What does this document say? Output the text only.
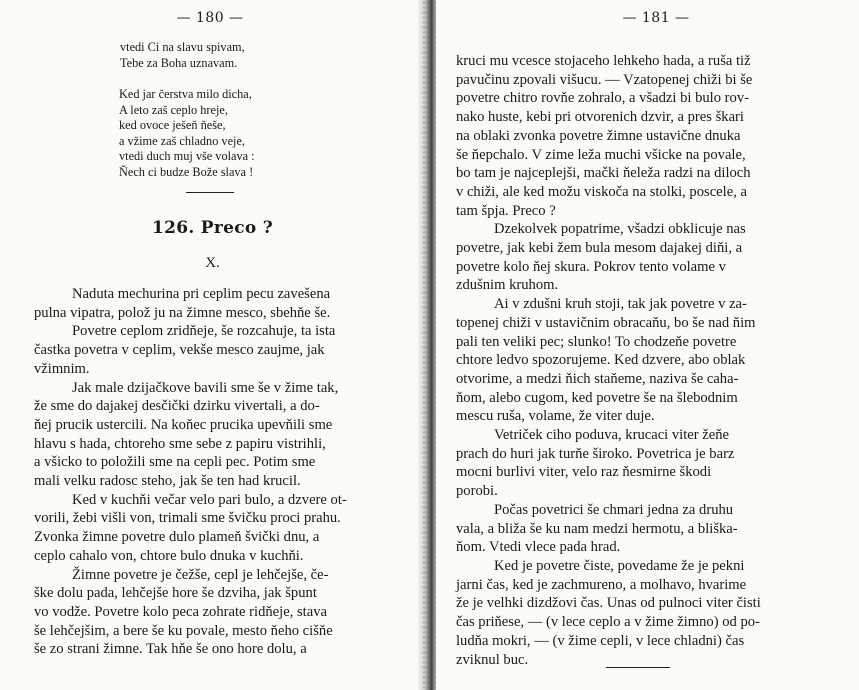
— 180 —
vtedi Ci na slavu spivam,
Tebe za Boha uznavam.
Ked jar čerstva milo dicha,
A leto zaš ceplo hreje,
ked ovoce ješeň ňeše,
a vžime zaš chladno veje,
vtedi duch muj vše volava :
Ňech ci budze Bože slava !
126. Preco ?
X.
Naduta mechurina pri ceplim pecu zavešena
pulna vipatra, polož ju na žimne mesco, sbehňe še.
Povetre ceplom zridňeje, še rozcahuje, ta ista
častka povetra v ceplim, vekše mesco zaujme, jak
vžimnim.
Jak male dzijačkove bavili sme še v žime tak,
že sme do dajakej desčički dzirku vivertali, a do-
ňej prucik ustercili. Na koňec prucika upevňili sme
hlavu s hada, chtoreho sme sebe z papiru vistrihli,
a všicko to položili sme na cepli pec. Potim sme
mali velku radosc steho, jak še ten had krucil.
Ked v kuchňi večar velo pari bulo, a dzvere ot-
vorili, žebi višli von, trimali sme švičku proci prahu.
Zvonka žimne povetre dulo plameň švički dnu, a
ceplo cahalo von, chtore bulo dnuka v kuchňi.
Žimne povetre je čežše, cepl je lehčejše, če-
ške dolu pada, lehčejše hore še dzviha, jak špunt
vo vodže. Povetre kolo peca zohrate ridňeje, stava
še lehčejšim, a bere še ku povale, mesto ňeho cišňe
še zo strani žimne. Tak hňe še ono hore dolu, a
— 181 —
kruci mu vcesce stojaceho lehkeho hada, a ruša tiž
pavučinu zpovali višucu. — Vzatopenej chiži bi še
povetre chitro rovňe zohralo, a všadzi bi bulo rov-
nako huste, kebi pri otvorenich dzvir, a pres škari
na oblaki zvonka povetre žimne ustavične dnuka
še ňepchalo. V zime leža muchi všicke na povale,
bo tam je najceplejši, mački ňeleža radzi na diloch
v chiži, ale ked možu viskoča na stolki, poscele, a
tam špja. Preco ?
Dzekolvek popatrime, všadzi obklicuje nas
povetre, jak kebi žem bula mesom dajakej diňi, a
povetre kolo ňej skura. Pokrov tento volame v
zdušnim kruhom.
Ai v zdušni kruh stoji, tak jak povetre v za-
topenej chiži v ustavičnim obracaňu, bo še nad ňim
pali ten veliki pec; slunko! To chodzeňe povetre
chtore ledvo spozorujeme. Ked dzvere, abo oblak
otvorime, a medzi ňich staňeme, naziva še caha-
ňom, alebo cugom, ked povetre še na šlebodnim
mescu ruša, volame, že viter duje.
Vetriček ciho poduva, krucaci viter žeňe
prach do huri jak turňe široko. Povetrica je barz
mocni burlivi viter, velo raz ňesmirne škodi
porobi.
Počas povetrici še chmari jedna za druhu
vala, a bliža še ku nam medzi hermotu, a bliška-
ňom. Vtedi vlece pada hrad.
Ked je povetre čiste, povedame že je pekni
jarni čas, ked je zachmureno, a molhavo, hvarime
že je velhki dizdžovi čas. Unas od pulnoci viter čisti
čas priňese, — (v lece ceplo a v žime žimno) od po-
ludňa mokri, — (v žime cepli, v lece chladni) čas
zviknul buc.
